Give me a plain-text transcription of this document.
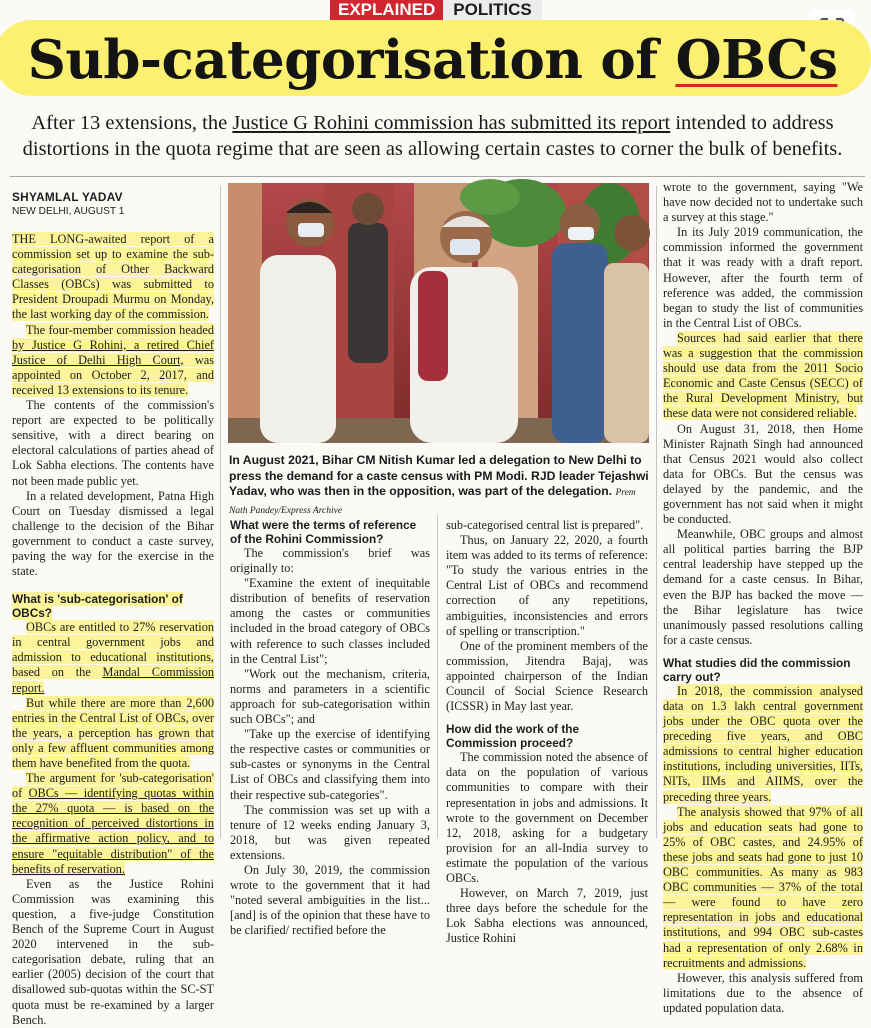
EXPLAINED	POLITICS
Sub-categorisation of OBCs
After 13 extensions, the Justice G Rohini commission has submitted its report intended to address distortions in the quota regime that are seen as allowing certain castes to corner the bulk of benefits.
SHYAMLAL YADAV
NEW DELHI, AUGUST 1

THE LONG-awaited report of a commission set up to examine the sub-categorisation of Other Backward Classes (OBCs) was submitted to President Droupadi Murmu on Monday, the last working day of the commission.

The four-member commission headed by Justice G Rohini, a retired Chief Justice of Delhi High Court, was appointed on October 2, 2017, and received 13 extensions to its tenure.

The contents of the commission's report are expected to be politically sensitive, with a direct bearing on electoral calculations of parties ahead of Lok Sabha elections. The contents have not been made public yet.

In a related development, Patna High Court on Tuesday dismissed a legal challenge to the decision of the Bihar government to conduct a caste survey, paving the way for the exercise in the state.

What is 'sub-categorisation' of OBCs?

OBCs are entitled to 27% reservation in central government jobs and admission to educational institutions, based on the Mandal Commission report.

But while there are more than 2,600 entries in the Central List of OBCs, over the years, a perception has grown that only a few affluent communities among them have benefited from the quota.

The argument for 'sub-categorisation' of OBCs — identifying quotas within the 27% quota — is based on the recognition of perceived distortions in the affirmative action policy, and to ensure "equitable distribution" of the benefits of reservation.

Even as the Justice Rohini Commission was examining this question, a five-judge Constitution Bench of the Supreme Court in August 2020 intervened in the sub-categorisation debate, ruling that an earlier (2005) decision of the court that disallowed sub-quotas within the SC-ST quota must be re-examined by a larger Bench.

In August 2021, Bihar CM Nitish Kumar led a delegation to New Delhi to press the demand for a caste census with PM Modi. RJD leader Tejashwi Yadav, who was then in the opposition, was part of the delegation. Prem Nath Pandey/Express Archive
What were the terms of reference of the Rohini Commission?

The commission's brief was originally to:

"Examine the extent of inequitable distribution of benefits of reservation among the castes or communities included in the broad category of OBCs with reference to such classes included in the Central List";

"Work out the mechanism, criteria, norms and parameters in a scientific approach for sub-categorisation within such OBCs"; and

"Take up the exercise of identifying the respective castes or communities or sub-castes or synonyms in the Central List of OBCs and classifying them into their respective sub-categories".

The commission was set up with a tenure of 12 weeks ending January 3, 2018, but was given repeated extensions.

On July 30, 2019, the commission wrote to the government that it had "noted several ambiguities in the list... [and] is of the opinion that these have to be clarified/ rectified before the

sub-categorised central list is prepared".

Thus, on January 22, 2020, a fourth item was added to its terms of reference: "To study the various entries in the Central List of OBCs and recommend correction of any repetitions, ambiguities, inconsistencies and errors of spelling or transcription."

One of the prominent members of the commission, Jitendra Bajaj, was appointed chairperson of the Indian Council of Social Science Research (ICSSR) in May last year.

How did the work of the Commission proceed?

The commission noted the absence of data on the population of various communities to compare with their representation in jobs and admissions. It wrote to the government on December 12, 2018, asking for a budgetary provision for an all-India survey to estimate the population of the various OBCs.

However, on March 7, 2019, just three days before the schedule for the Lok Sabha elections was announced, Justice Rohini

wrote to the government, saying "We have now decided not to undertake such a survey at this stage."

In its July 2019 communication, the commission informed the government that it was ready with a draft report. However, after the fourth term of reference was added, the commission began to study the list of communities in the Central List of OBCs.

Sources had said earlier that there was a suggestion that the commission should use data from the 2011 Socio Economic and Caste Census (SECC) of the Rural Development Ministry, but these data were not considered reliable.

On August 31, 2018, then Home Minister Rajnath Singh had announced that Census 2021 would also collect data for OBCs. But the census was delayed by the pandemic, and the government has not said when it might be conducted.

Meanwhile, OBC groups and almost all political parties barring the BJP central leadership have stepped up the demand for a caste census. In Bihar, even the BJP has backed the move — the Bihar legislature has twice unanimously passed resolutions calling for a caste census.

What studies did the commission carry out?

In 2018, the commission analysed data on 1.3 lakh central government jobs under the OBC quota over the preceding five years, and OBC admissions to central higher education institutions, including universities, IITs, NITs, IIMs and AIIMS, over the preceding three years.

The analysis showed that 97% of all jobs and education seats had gone to 25% of OBC castes, and 24.95% of these jobs and seats had gone to just 10 OBC communities. As many as 983 OBC communities — 37% of the total — were found to have zero representation in jobs and educational institutions, and 994 OBC sub-castes had a representation of only 2.68% in recruitments and admissions.

However, this analysis suffered from limitations due to the absence of updated population data.
